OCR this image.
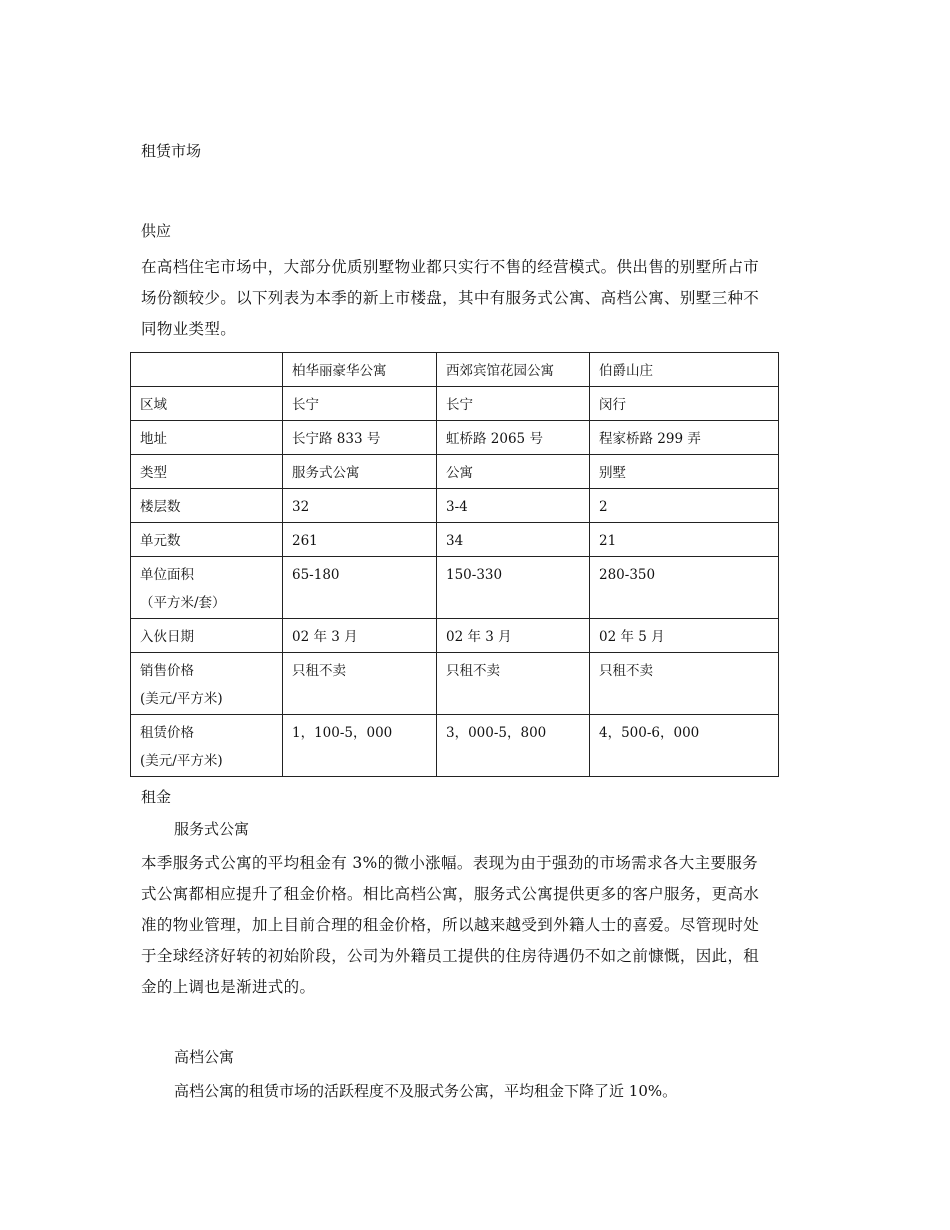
租赁市场

供应

在高档住宅市场中，大部分优质别墅物业都只实行不售的经营模式。供出售的别墅所占市
场份额较少。以下列表为本季的新上市楼盘，其中有服务式公寓、高档公寓、别墅三种不
同物业类型。
	柏华丽豪华公寓	西郊宾馆花园公寓	伯爵山庄
区域	长宁	长宁	闵行
地址	长宁路 833 号	虹桥路 2065 号	程家桥路 299 弄
类型	服务式公寓	公寓	别墅
楼层数	32	3-4	2
单元数	261	34	21

单位面积
（平方米/套）	65-180	150-330	280-350
入伙日期	02 年 3 月	02 年 3 月	02 年 5 月

销售价格
(美元/平方米)	只租不卖	只租不卖	只租不卖

租赁价格
(美元/平方米)	1，100-5，000	3，000-5，800	4，500-6，000

租金

服务式公寓

本季服务式公寓的平均租金有 3%的微小涨幅。表现为由于强劲的市场需求各大主要服务
式公寓都相应提升了租金价格。相比高档公寓，服务式公寓提供更多的客户服务，更高水
准的物业管理，加上目前合理的租金价格，所以越来越受到外籍人士的喜爱。尽管现时处
于全球经济好转的初始阶段，公司为外籍员工提供的住房待遇仍不如之前慷慨，因此，租
金的上调也是渐进式的。

高档公寓

高档公寓的租赁市场的活跃程度不及服式务公寓，平均租金下降了近 10%。
